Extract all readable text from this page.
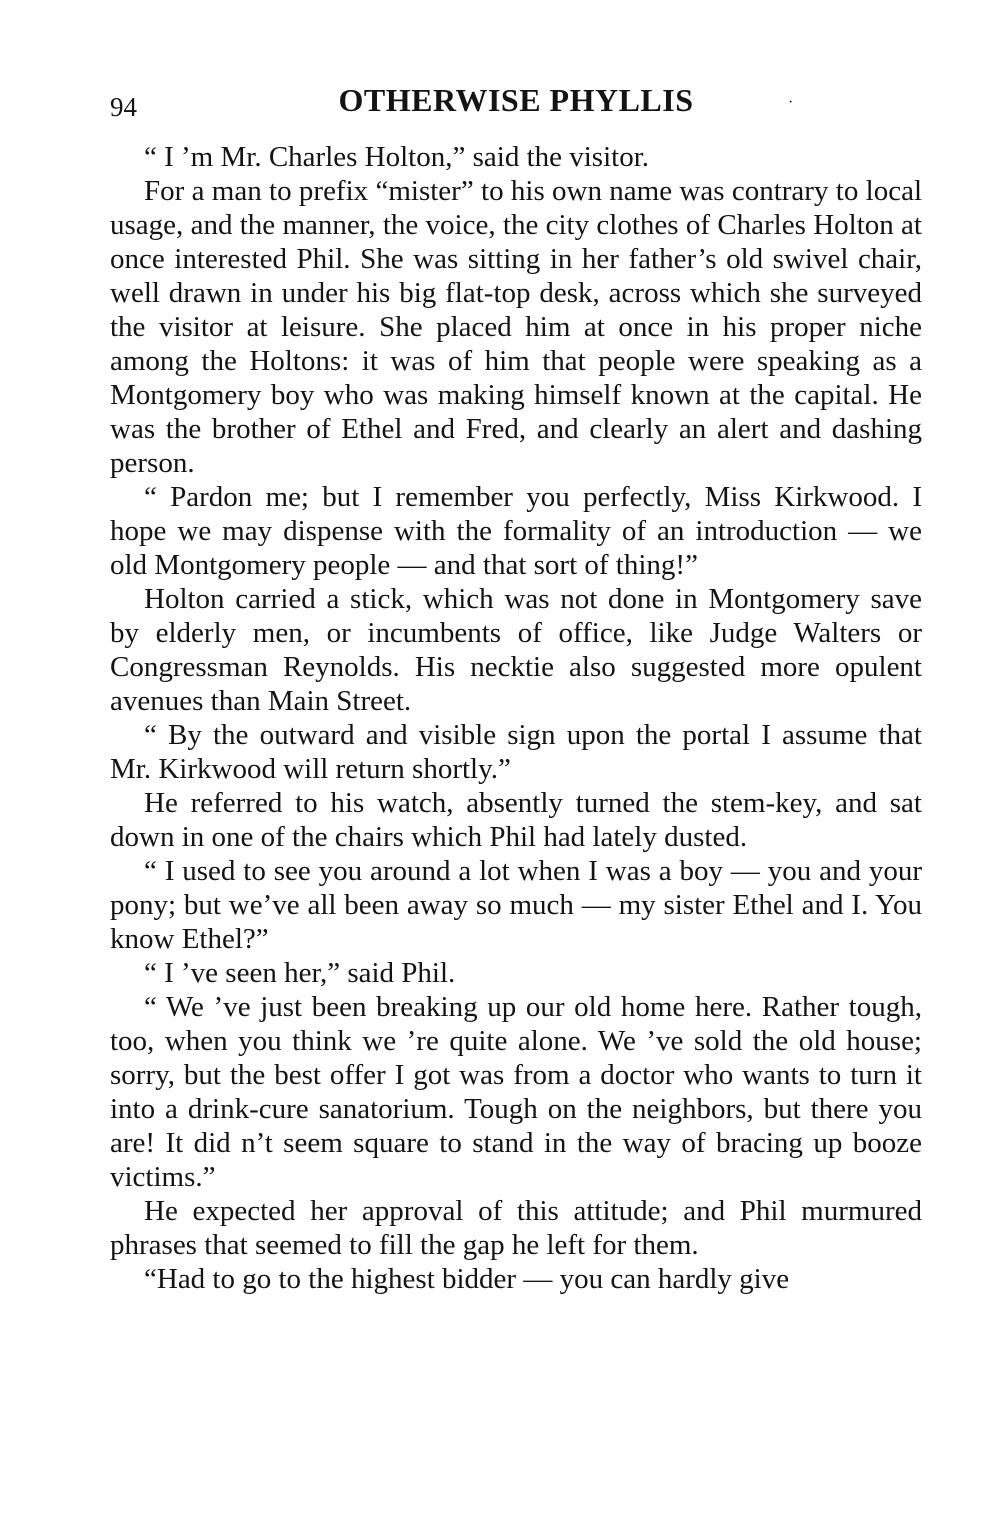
94	OTHERWISE PHYLLIS	·

“ I ’m Mr. Charles Holton,” said the visitor.

For a man to prefix “mister” to his own name was contrary to local usage, and the manner, the voice, the city clothes of Charles Holton at once interested Phil. She was sitting in her father’s old swivel chair, well drawn in under his big flat-top desk, across which she surveyed the visitor at leisure. She placed him at once in his proper niche among the Holtons: it was of him that people were speaking as a Montgomery boy who was making himself known at the capital. He was the brother of Ethel and Fred, and clearly an alert and dashing person.

“ Pardon me; but I remember you perfectly, Miss Kirkwood. I hope we may dispense with the formality of an introduction — we old Montgomery people — and that sort of thing!”

Holton carried a stick, which was not done in Montgomery save by elderly men, or incumbents of office, like Judge Walters or Congressman Reynolds. His necktie also suggested more opulent avenues than Main Street.

“ By the outward and visible sign upon the portal I assume that Mr. Kirkwood will return shortly.”

He referred to his watch, absently turned the stem-key, and sat down in one of the chairs which Phil had lately dusted.

“ I used to see you around a lot when I was a boy — you and your pony; but we’ve all been away so much — my sister Ethel and I. You know Ethel?”

“ I ’ve seen her,” said Phil.

“ We ’ve just been breaking up our old home here. Rather tough, too, when you think we ’re quite alone. We ’ve sold the old house; sorry, but the best offer I got was from a doctor who wants to turn it into a drink-cure sanatorium. Tough on the neighbors, but there you are! It did n’t seem square to stand in the way of bracing up booze victims.”

He expected her approval of this attitude; and Phil murmured phrases that seemed to fill the gap he left for them.

“Had to go to the highest bidder — you can hardly give
